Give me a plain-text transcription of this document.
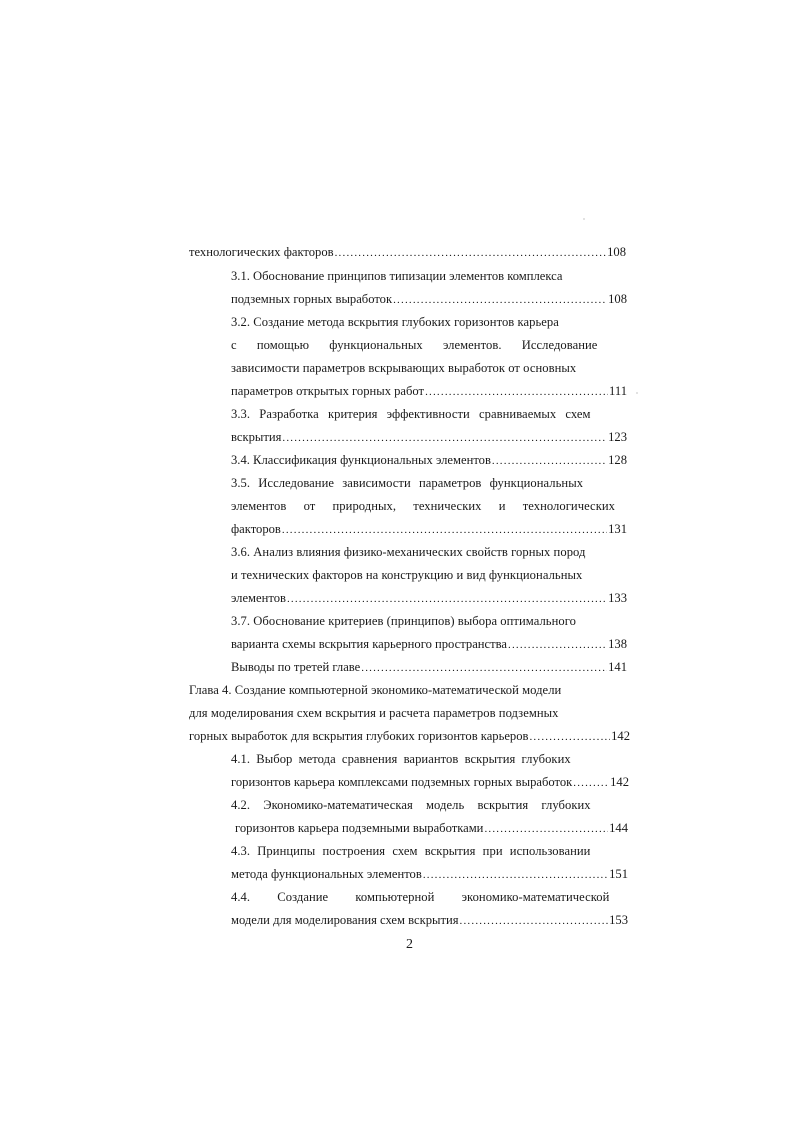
технологических факторов .....	108
3.1. Обоснование принципов типизации элементов комплекса
подземных горных выработок .....	108
3.2. Создание метода вскрытия глубоких горизонтов карьера
с помощью функциональных элементов. Исследование
зависимости параметров вскрывающих выработок от основных
параметров открытых горных работ .....	111
3.3. Разработка критерия эффективности сравниваемых схем
вскрытия .....	123
3.4. Классификация функциональных элементов .....	128
3.5. Исследование зависимости параметров функциональных
элементов от природных, технических и технологических
факторов .....	131
3.6. Анализ влияния физико-механических свойств горных пород
и технических факторов на конструкцию и вид функциональных
элементов .....	133
3.7. Обоснование критериев (принципов) выбора оптимального
варианта схемы вскрытия карьерного пространства .....	138
Выводы по третей главе .....	141
Глава 4. Создание компьютерной экономико-математической модели
для моделирования схем вскрытия и расчета параметров подземных
горных выработок для вскрытия глубоких горизонтов карьеров .....	142
4.1. Выбор метода сравнения вариантов вскрытия глубоких
горизонтов карьера комплексами подземных горных выработок .....	142
4.2. Экономико-математическая модель вскрытия глубоких
горизонтов карьера подземными выработками .....	144
4.3. Принципы построения схем вскрытия при использовании
метода функциональных элементов .....	151
4.4. Создание компьютерной экономико-математической
модели для моделирования схем вскрытия .....	153
2
